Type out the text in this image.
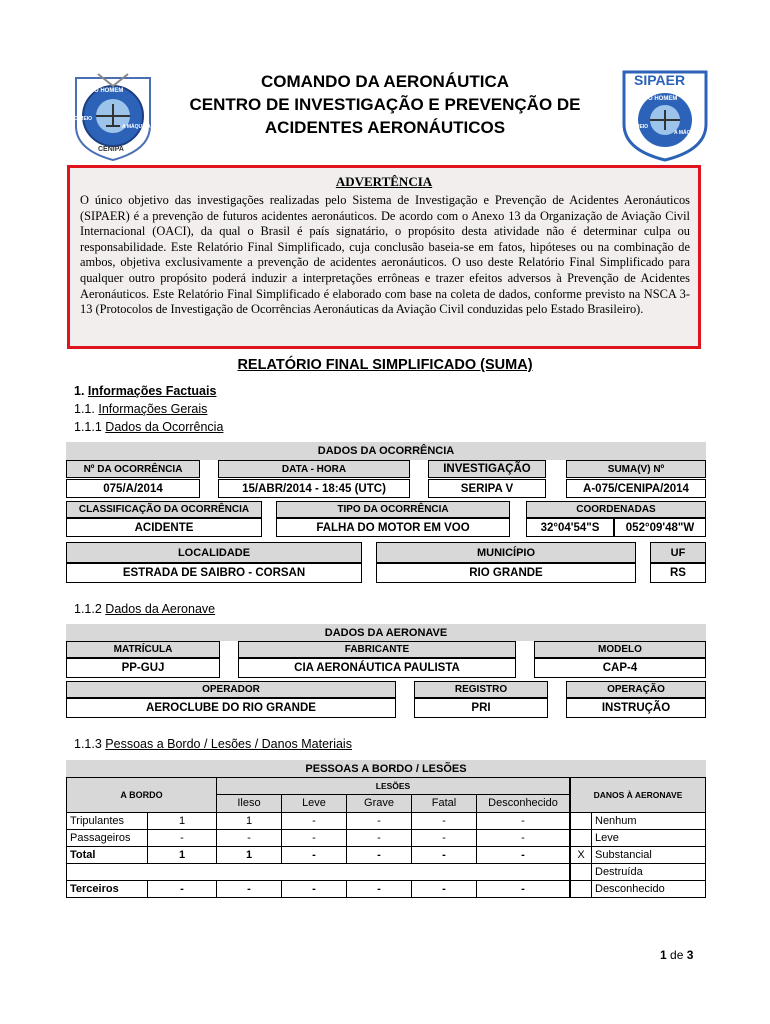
O HOMEM
O MEIO
A MÁQUINA
CENIPA
COMANDO DA AERONÁUTICA
CENTRO DE INVESTIGAÇÃO E PREVENÇÃO DE
ACIDENTES AERONÁUTICOS
SIPAER
O HOMEM
O MEIO
A MÁQUINA
ADVERTÊNCIA
O único objetivo das investigações realizadas pelo Sistema de Investigação e Prevenção de Acidentes Aeronáuticos (SIPAER) é a prevenção de futuros acidentes aeronáuticos. De acordo com o Anexo 13 da Organização de Aviação Civil Internacional (OACI), da qual o Brasil é país signatário, o propósito desta atividade não é determinar culpa ou responsabilidade. Este Relatório Final Simplificado, cuja conclusão baseia-se em fatos, hipóteses ou na combinação de ambos, objetiva exclusivamente a prevenção de acidentes aeronáuticos. O uso deste Relatório Final Simplificado para qualquer outro propósito poderá induzir a interpretações errôneas e trazer efeitos adversos à Prevenção de Acidentes Aeronáuticos. Este Relatório Final Simplificado é elaborado com base na coleta de dados, conforme previsto na NSCA 3-13 (Protocolos de Investigação de Ocorrências Aeronáuticas da Aviação Civil conduzidas pelo Estado Brasileiro).
RELATÓRIO FINAL SIMPLIFICADO (SUMA)
1. Informações Factuais
1.1. Informações Gerais
1.1.1 Dados da Ocorrência
DADOS DA OCORRÊNCIA
Nº DA OCORRÊNCIA	DATA - HORA	INVESTIGAÇÃO	SUMA(V) Nº
075/A/2014	15/ABR/2014 - 18:45 (UTC)	SERIPA V	A-075/CENIPA/2014
CLASSIFICAÇÃO DA OCORRÊNCIA	TIPO DA OCORRÊNCIA	COORDENADAS
ACIDENTE	FALHA DO MOTOR EM VOO	32°04'54"S	052°09'48"W
LOCALIDADE	MUNICÍPIO	UF
ESTRADA DE SAIBRO - CORSAN	RIO GRANDE	RS
1.1.2 Dados da Aeronave
DADOS DA AERONAVE
MATRÍCULA	FABRICANTE	MODELO
PP-GUJ	CIA AERONÁUTICA PAULISTA	CAP-4
OPERADOR	REGISTRO	OPERAÇÃO
AEROCLUBE DO RIO GRANDE	PRI	INSTRUÇÃO
1.1.3 Pessoas a Bordo / Lesões / Danos Materiais
PESSOAS A BORDO / LESÕES
A BORDO		LESÕES				
		Ileso	Leve	Grave	Fatal	Desconhecido
Tripulantes	1	1	-	-	-	-
Passageiros	-	-	-	-	-	-
Total	1	1	-	-	-	-

Terceiros	-	-	-	-	-	-
DANOS À AERONAVE	
	Nenhum
	Leve
X	Substancial
	Destruída
	Desconhecido
1 de 3
